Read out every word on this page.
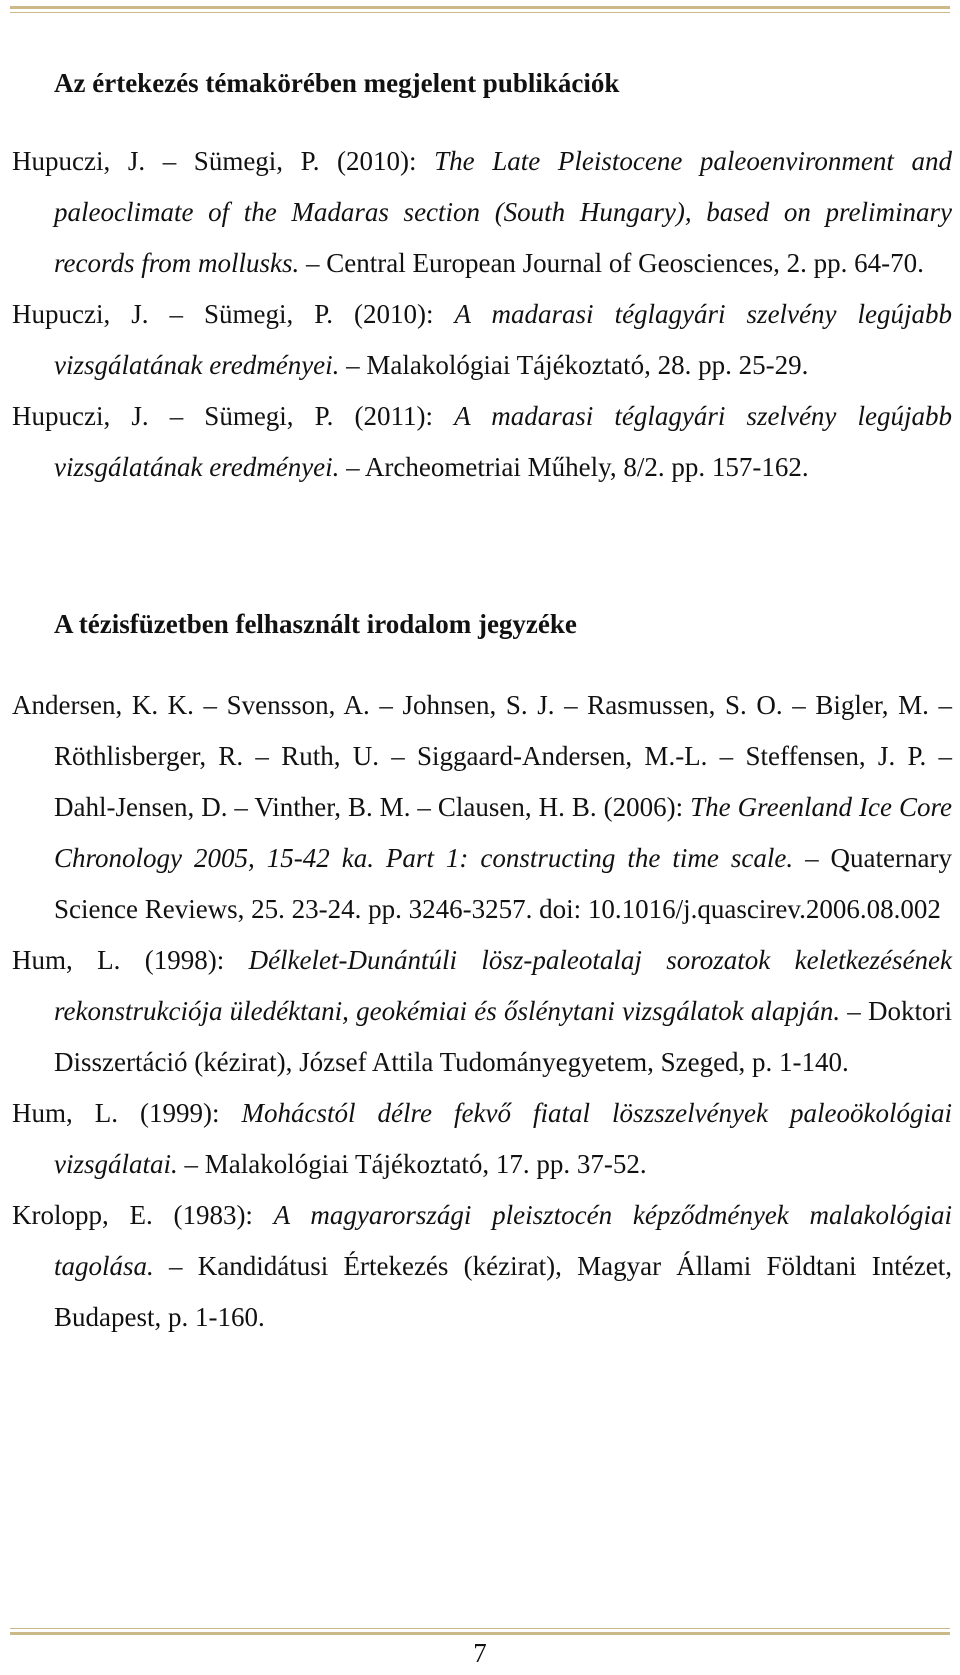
Az értekezés témakörében megjelent publikációk
Hupuczi, J. – Sümegi, P. (2010): The Late Pleistocene paleoenvironment and paleoclimate of the Madaras section (South Hungary), based on preliminary records from mollusks. – Central European Journal of Geosciences, 2. pp. 64-70.
Hupuczi, J. – Sümegi, P. (2010): A madarasi téglagyári szelvény legújabb vizsgálatának eredményei. – Malakológiai Tájékoztató, 28. pp. 25-29.
Hupuczi, J. – Sümegi, P. (2011): A madarasi téglagyári szelvény legújabb vizsgálatának eredményei. – Archeometriai Műhely, 8/2. pp. 157-162.
A tézisfüzetben felhasznált irodalom jegyzéke
Andersen, K. K. – Svensson, A. – Johnsen, S. J. – Rasmussen, S. O. – Bigler, M. – Röthlisberger, R. – Ruth, U. – Siggaard-Andersen, M.-L. – Steffensen, J. P. – Dahl-Jensen, D. – Vinther, B. M. – Clausen, H. B. (2006): The Greenland Ice Core Chronology 2005, 15-42 ka. Part 1: constructing the time scale. – Quaternary Science Reviews, 25. 23-24. pp. 3246-3257. doi: 10.1016/j.quascirev.2006.08.002
Hum, L. (1998): Délkelet-Dunántúli lösz-paleotalaj sorozatok keletkezésének rekonstrukciója üledéktani, geokémiai és őslénytani vizsgálatok alapján. – Doktori Disszertáció (kézirat), József Attila Tudományegyetem, Szeged, p. 1-140.
Hum, L. (1999): Mohácstól délre fekvő fiatal löszszelvények paleoökológiai vizsgálatai. – Malakológiai Tájékoztató, 17. pp. 37-52.
Krolopp, E. (1983): A magyarországi pleisztocén képződmények malakológiai tagolása. – Kandidátusi Értekezés (kézirat), Magyar Állami Földtani Intézet, Budapest, p. 1-160.
7
